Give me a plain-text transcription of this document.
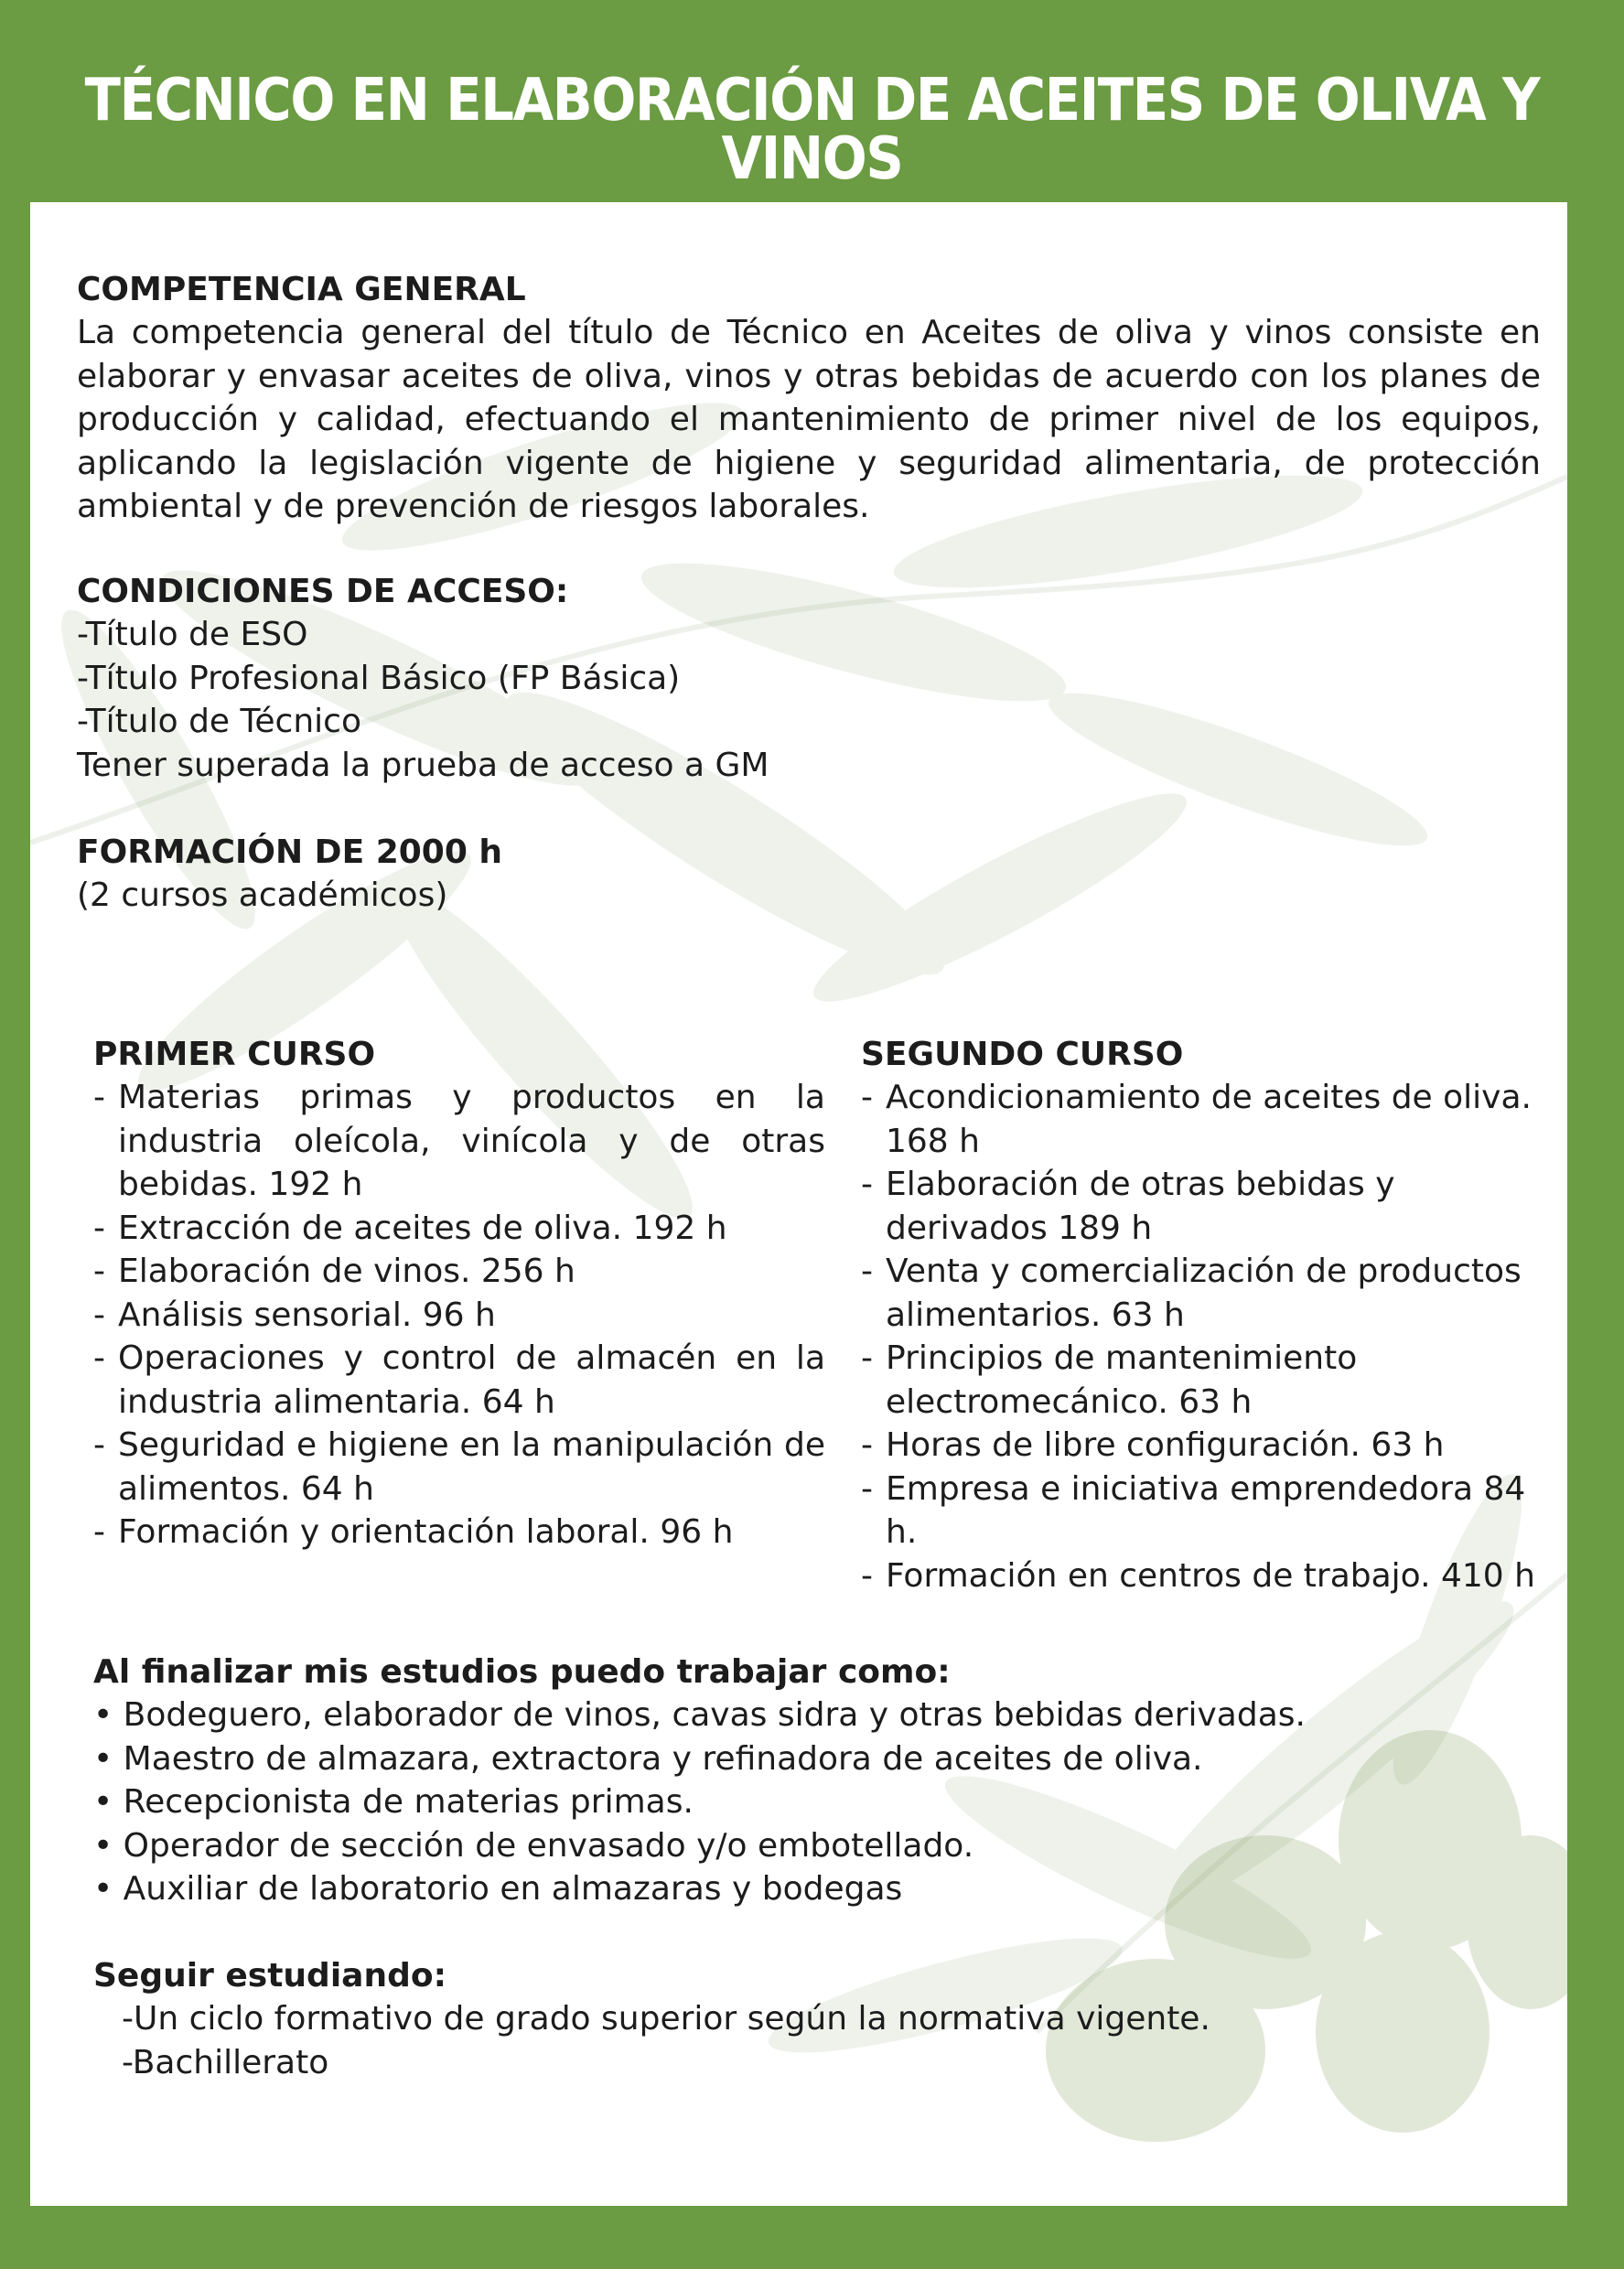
TÉCNICO EN ELABORACIÓN DE ACEITES DE OLIVA Y VINOS
COMPETENCIA GENERAL

La competencia general del título de Técnico en Aceites de oliva y vinos consiste en elaborar y envasar aceites de oliva, vinos y otras bebidas de acuerdo con los planes de producción y calidad, efectuando el mantenimiento de primer nivel de los equipos, aplicando la legislación vigente de higiene y seguridad alimentaria, de protección ambiental y de prevención de riesgos laborales.

CONDICIONES DE ACCESO:
-Título de ESO
-Título Profesional Básico (FP Básica)
-Título de Técnico
Tener superada la prueba de acceso a GM
FORMACIÓN DE 2000 h
(2 cursos académicos)
PRIMER CURSO
- Materias primas y productos en la industria oleícola, vinícola y de otras bebidas. 192 h
- Extracción de aceites de oliva. 192 h
- Elaboración de vinos. 256 h
- Análisis sensorial. 96 h
- Operaciones y control de almacén en la industria alimentaria. 64 h
- Seguridad e higiene en la manipulación de alimentos. 64 h
- Formación y orientación laboral. 96 h
SEGUNDO CURSO
- Acondicionamiento de aceites de oliva. 168 h
- Elaboración de otras bebidas y derivados 189 h
- Venta y comercialización de productos alimentarios. 63 h
- Principios de mantenimiento electromecánico. 63 h
- Horas de libre configuración. 63 h
- Empresa e iniciativa emprendedora 84 h.
- Formación en centros de trabajo. 410 h
Al finalizar mis estudios puedo trabajar como:
• Bodeguero, elaborador de vinos, cavas sidra y otras bebidas derivadas.
• Maestro de almazara, extractora y refinadora de aceites de oliva.
• Recepcionista de materias primas.
• Operador de sección de envasado y/o embotellado.
• Auxiliar de laboratorio en almazaras y bodegas
Seguir estudiando:
-Un ciclo formativo de grado superior según la normativa vigente.
-Bachillerato
